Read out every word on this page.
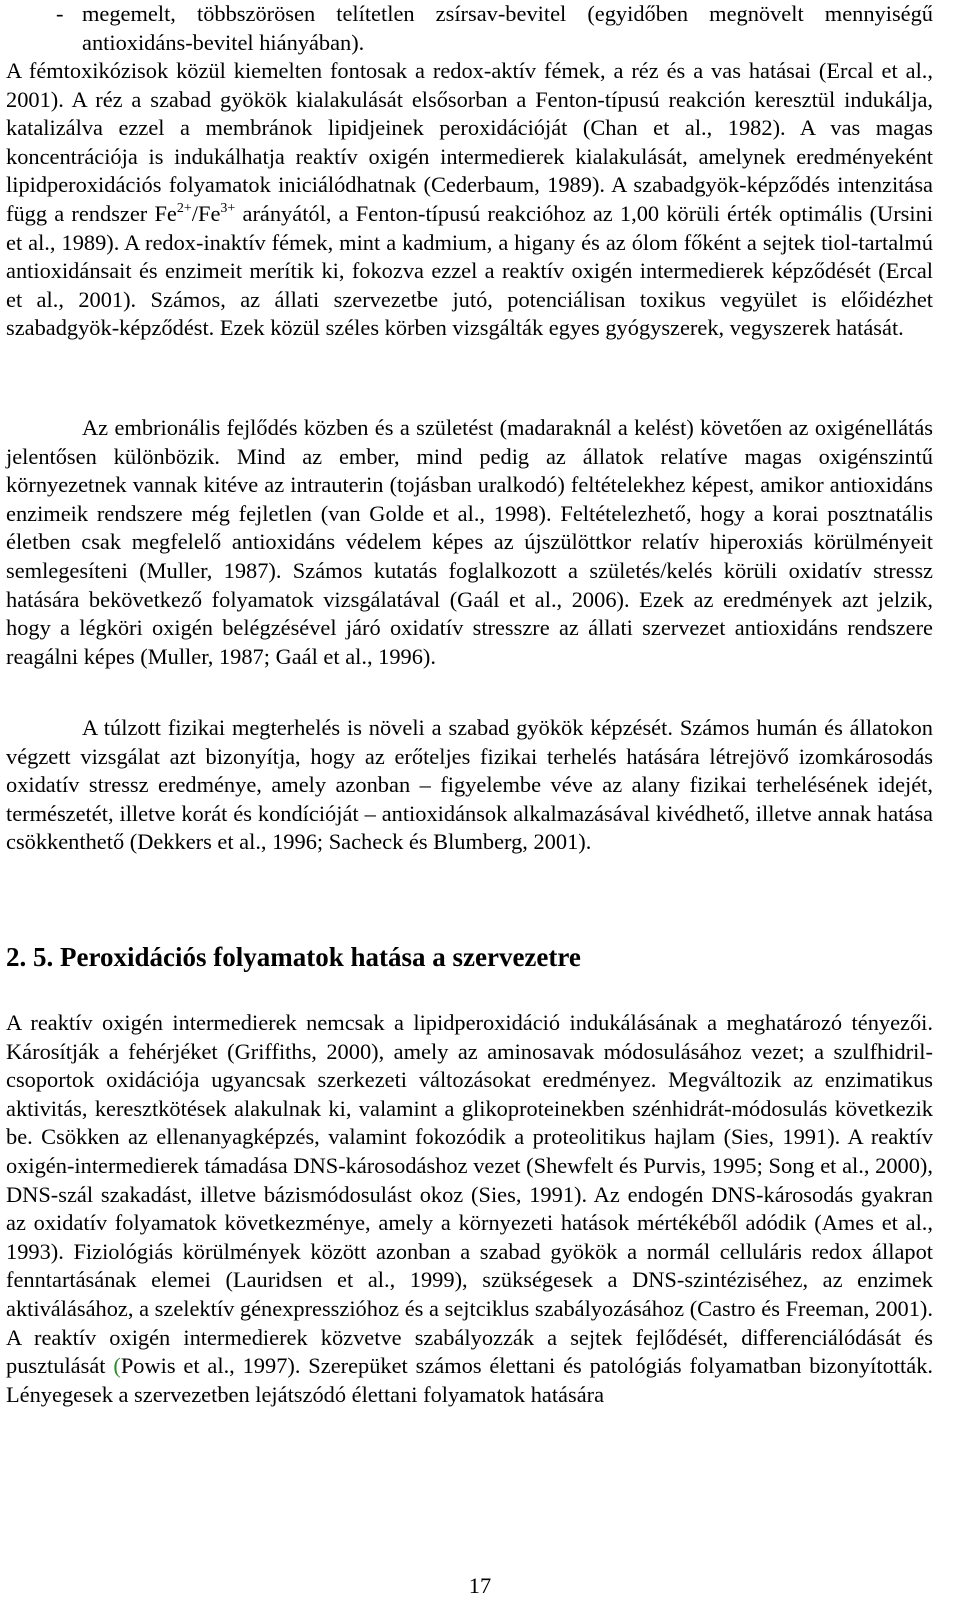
- megemelt, többszörösen telítetlen zsírsav-bevitel (egyidőben megnövelt mennyiségű antioxidáns-bevitel hiányában).

A fémtoxikózisok közül kiemelten fontosak a redox-aktív fémek, a réz és a vas hatásai (Ercal et al., 2001). A réz a szabad gyökök kialakulását elsősorban a Fenton-típusú reakción keresztül indukálja, katalizálva ezzel a membránok lipidjeinek peroxidációját (Chan et al., 1982). A vas magas koncentrációja is indukálhatja reaktív oxigén intermedierek kialakulását, amelynek eredményeként lipidperoxidációs folyamatok iniciálódhatnak (Cederbaum, 1989). A szabadgyök-képződés intenzitása függ a rendszer $Fe^{2+}/Fe^{3+}$ arányától, a Fenton-típusú reakcióhoz az 1,00 körüli érték optimális (Ursini et al., 1989). A redox-inaktív fémek, mint a kadmium, a higany és az ólom főként a sejtek tiol-tartalmú antioxidánsait és enzimeit merítik ki, fokozva ezzel a reaktív oxigén intermedierek képződését (Ercal et al., 2001). Számos, az állati szervezetbe jutó, potenciálisan toxikus vegyület is előidézhet szabadgyök-képződést. Ezek közül széles körben vizsgálták egyes gyógyszerek, vegyszerek hatását.

Az embrionális fejlődés közben és a születést (madaraknál a kelést) követően az oxigénellátás jelentősen különbözik. Mind az ember, mind pedig az állatok relatíve magas oxigénszintű környezetnek vannak kitéve az intrauterin (tojásban uralkodó) feltételekhez képest, amikor antioxidáns enzimeik rendszere még fejletlen (van Golde et al., 1998). Feltételezhető, hogy a korai posztnatális életben csak megfelelő antioxidáns védelem képes az újszülöttkor relatív hiperoxiás körülményeit semlegesíteni (Muller, 1987). Számos kutatás foglalkozott a születés/kelés körüli oxidatív stressz hatására bekövetkező folyamatok vizsgálatával (Gaál et al., 2006). Ezek az eredmények azt jelzik, hogy a légköri oxigén belégzésével járó oxidatív stresszre az állati szervezet antioxidáns rendszere reagálni képes (Muller, 1987; Gaál et al., 1996).

A túlzott fizikai megterhelés is növeli a szabad gyökök képzését. Számos humán és állatokon végzett vizsgálat azt bizonyítja, hogy az erőteljes fizikai terhelés hatására létrejövő izomkárosodás oxidatív stressz eredménye, amely azonban – figyelembe véve az alany fizikai terhelésének idejét, természetét, illetve korát és kondícióját – antioxidánsok alkalmazásával kivédhető, illetve annak hatása csökkenthető (Dekkers et al., 1996; Sacheck és Blumberg, 2001).

2. 5. Peroxidációs folyamatok hatása a szervezetre

A reaktív oxigén intermedierek nemcsak a lipidperoxidáció indukálásának a meghatározó tényezői. Károsítják a fehérjéket (Griffiths, 2000), amely az aminosavak módosulásához vezet; a szulfhidril-csoportok oxidációja ugyancsak szerkezeti változásokat eredményez. Megváltozik az enzimatikus aktivitás, keresztkötések alakulnak ki, valamint a glikoproteinekben szénhidrát-módosulás következik be. Csökken az ellenanyagképzés, valamint fokozódik a proteolitikus hajlam (Sies, 1991). A reaktív oxigén-intermedierek támadása DNS-károsodáshoz vezet (Shewfelt és Purvis, 1995; Song et al., 2000), DNS-szál szakadást, illetve bázismódosulást okoz (Sies, 1991). Az endogén DNS-károsodás gyakran az oxidatív folyamatok következménye, amely a környezeti hatások mértékéből adódik (Ames et al., 1993). Fiziológiás körülmények között azonban a szabad gyökök a normál celluláris redox állapot fenntartásának elemei (Lauridsen et al., 1999), szükségesek a DNS-szintéziséhez, az enzimek aktiválásához, a szelektív génexpresszióhoz és a sejtciklus szabályozásához (Castro és Freeman, 2001). A reaktív oxigén intermedierek közvetve szabályozzák a sejtek fejlődését, differenciálódását és pusztulását (Powis et al., 1997). Szerepüket számos élettani és patológiás folyamatban bizonyították. Lényegesek a szervezetben lejátszódó élettani folyamatok hatására

17
